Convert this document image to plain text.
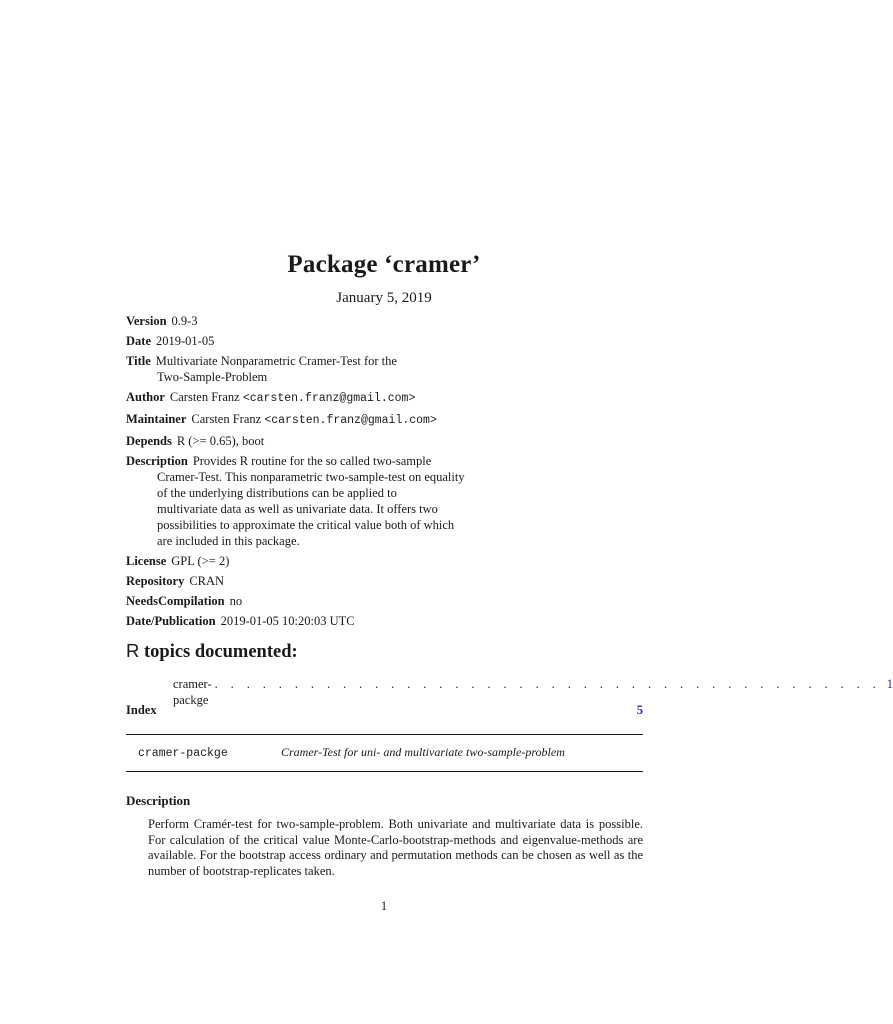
Package ‘cramer’
January 5, 2019
Version 0.9-3
Date 2019-01-05
Title Multivariate Nonparametric Cramer-Test for the
Two-Sample-Problem
Author Carsten Franz <carsten.franz@gmail.com>
Maintainer Carsten Franz <carsten.franz@gmail.com>
Depends R (>= 0.65), boot
Description Provides R routine for the so called two-sample
Cramer-Test. This nonparametric two-sample-test on equality
of the underlying distributions can be applied to
multivariate data as well as univariate data. It offers two
possibilities to approximate the critical value both of which
are included in this package.
License GPL (>= 2)
Repository CRAN
NeedsCompilation no
Date/Publication 2019-01-05 10:20:03 UTC
R topics documented:
cramer-packge
. . . . . . . . . . . . . . . . . . . . . . . . . . . . . . . . . . . . . . . . . . 1
Index	5
cramer-packge	Cramer-Test for uni- and multivariate two-sample-problem
Description
Perform Cramér-test for two-sample-problem. Both univariate and multivariate data is possible. For calculation of the critical value Monte-Carlo-bootstrap-methods and eigenvalue-methods are available. For the bootstrap access ordinary and permutation methods can be chosen as well as the number of bootstrap-replicates taken.
1
